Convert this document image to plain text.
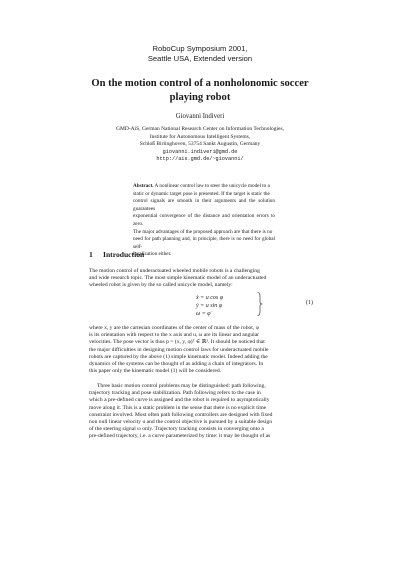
RoboCup Symposium 2001,
Seattle USA, Extended version
On the motion control of a nonholonomic soccer
playing robot
Giovanni Indiveri
GMD-AiS, German National Research Center on Information Technologies,
Institute for Autonomous Intelligent Systems,
Schloß Birlinghoven, 53754 Sankt Augustin, Germany
giovanni.indiveri@gmd.de
http://ais.gmd.de/~giovanni/
Abstract. A nonlinear control law to steer the unicycle model to a
static or dynamic target pose is presented. If the target is static the
control signals are smooth in their arguments and the solution guarantees
exponential convergence of the distance and orientation errors to zero.
The major advantages of the proposed approach are that there is no
need for path planning and, in principle, there is no need for global self-
localization either.
1 Introduction
The motion control of underactuated wheeled mobile robots is a challenging
and wide research topic. The most simple kinematic model of an underactuated
wheeled robot is given by the so called unicycle model, namely:
ẋ = u cos φ
ẏ = u sin φ
ω = φ̇
(1)
where x, y are the cartesian coordinates of the center of mass of the robot, φ
is its orientation with respect to the x axis and u, ω are its linear and angular
velocities. The pose vector is thus p = (x, y, φ)ᵀ ∈ ℝ³. It should be noticed that
the major difficulties in designing motion control laws for underactuated mobile
robots are captured by the above (1) simple kinematic model. Indeed adding the
dynamics of the systems can be thought of as adding a chain of integrators. In
this paper only the kinematic model (1) will be considered.
Three basic motion control problems may be distinguished: path following,
trajectory tracking and pose stabilization. Path following refers to the case in
which a pre-defined curve is assigned and the robot is required to asymptotically
move along it. This is a static problem in the sense that there is no explicit time
constraint involved. Most often path following controllers are designed with fixed
non null linear velocity u and the control objective is pursued by a suitable design
of the steering signal ω only. Trajectory tracking consists in converging onto a
pre-defined trajectory, i.e. a curve parameterized by time: it may be thought of as
